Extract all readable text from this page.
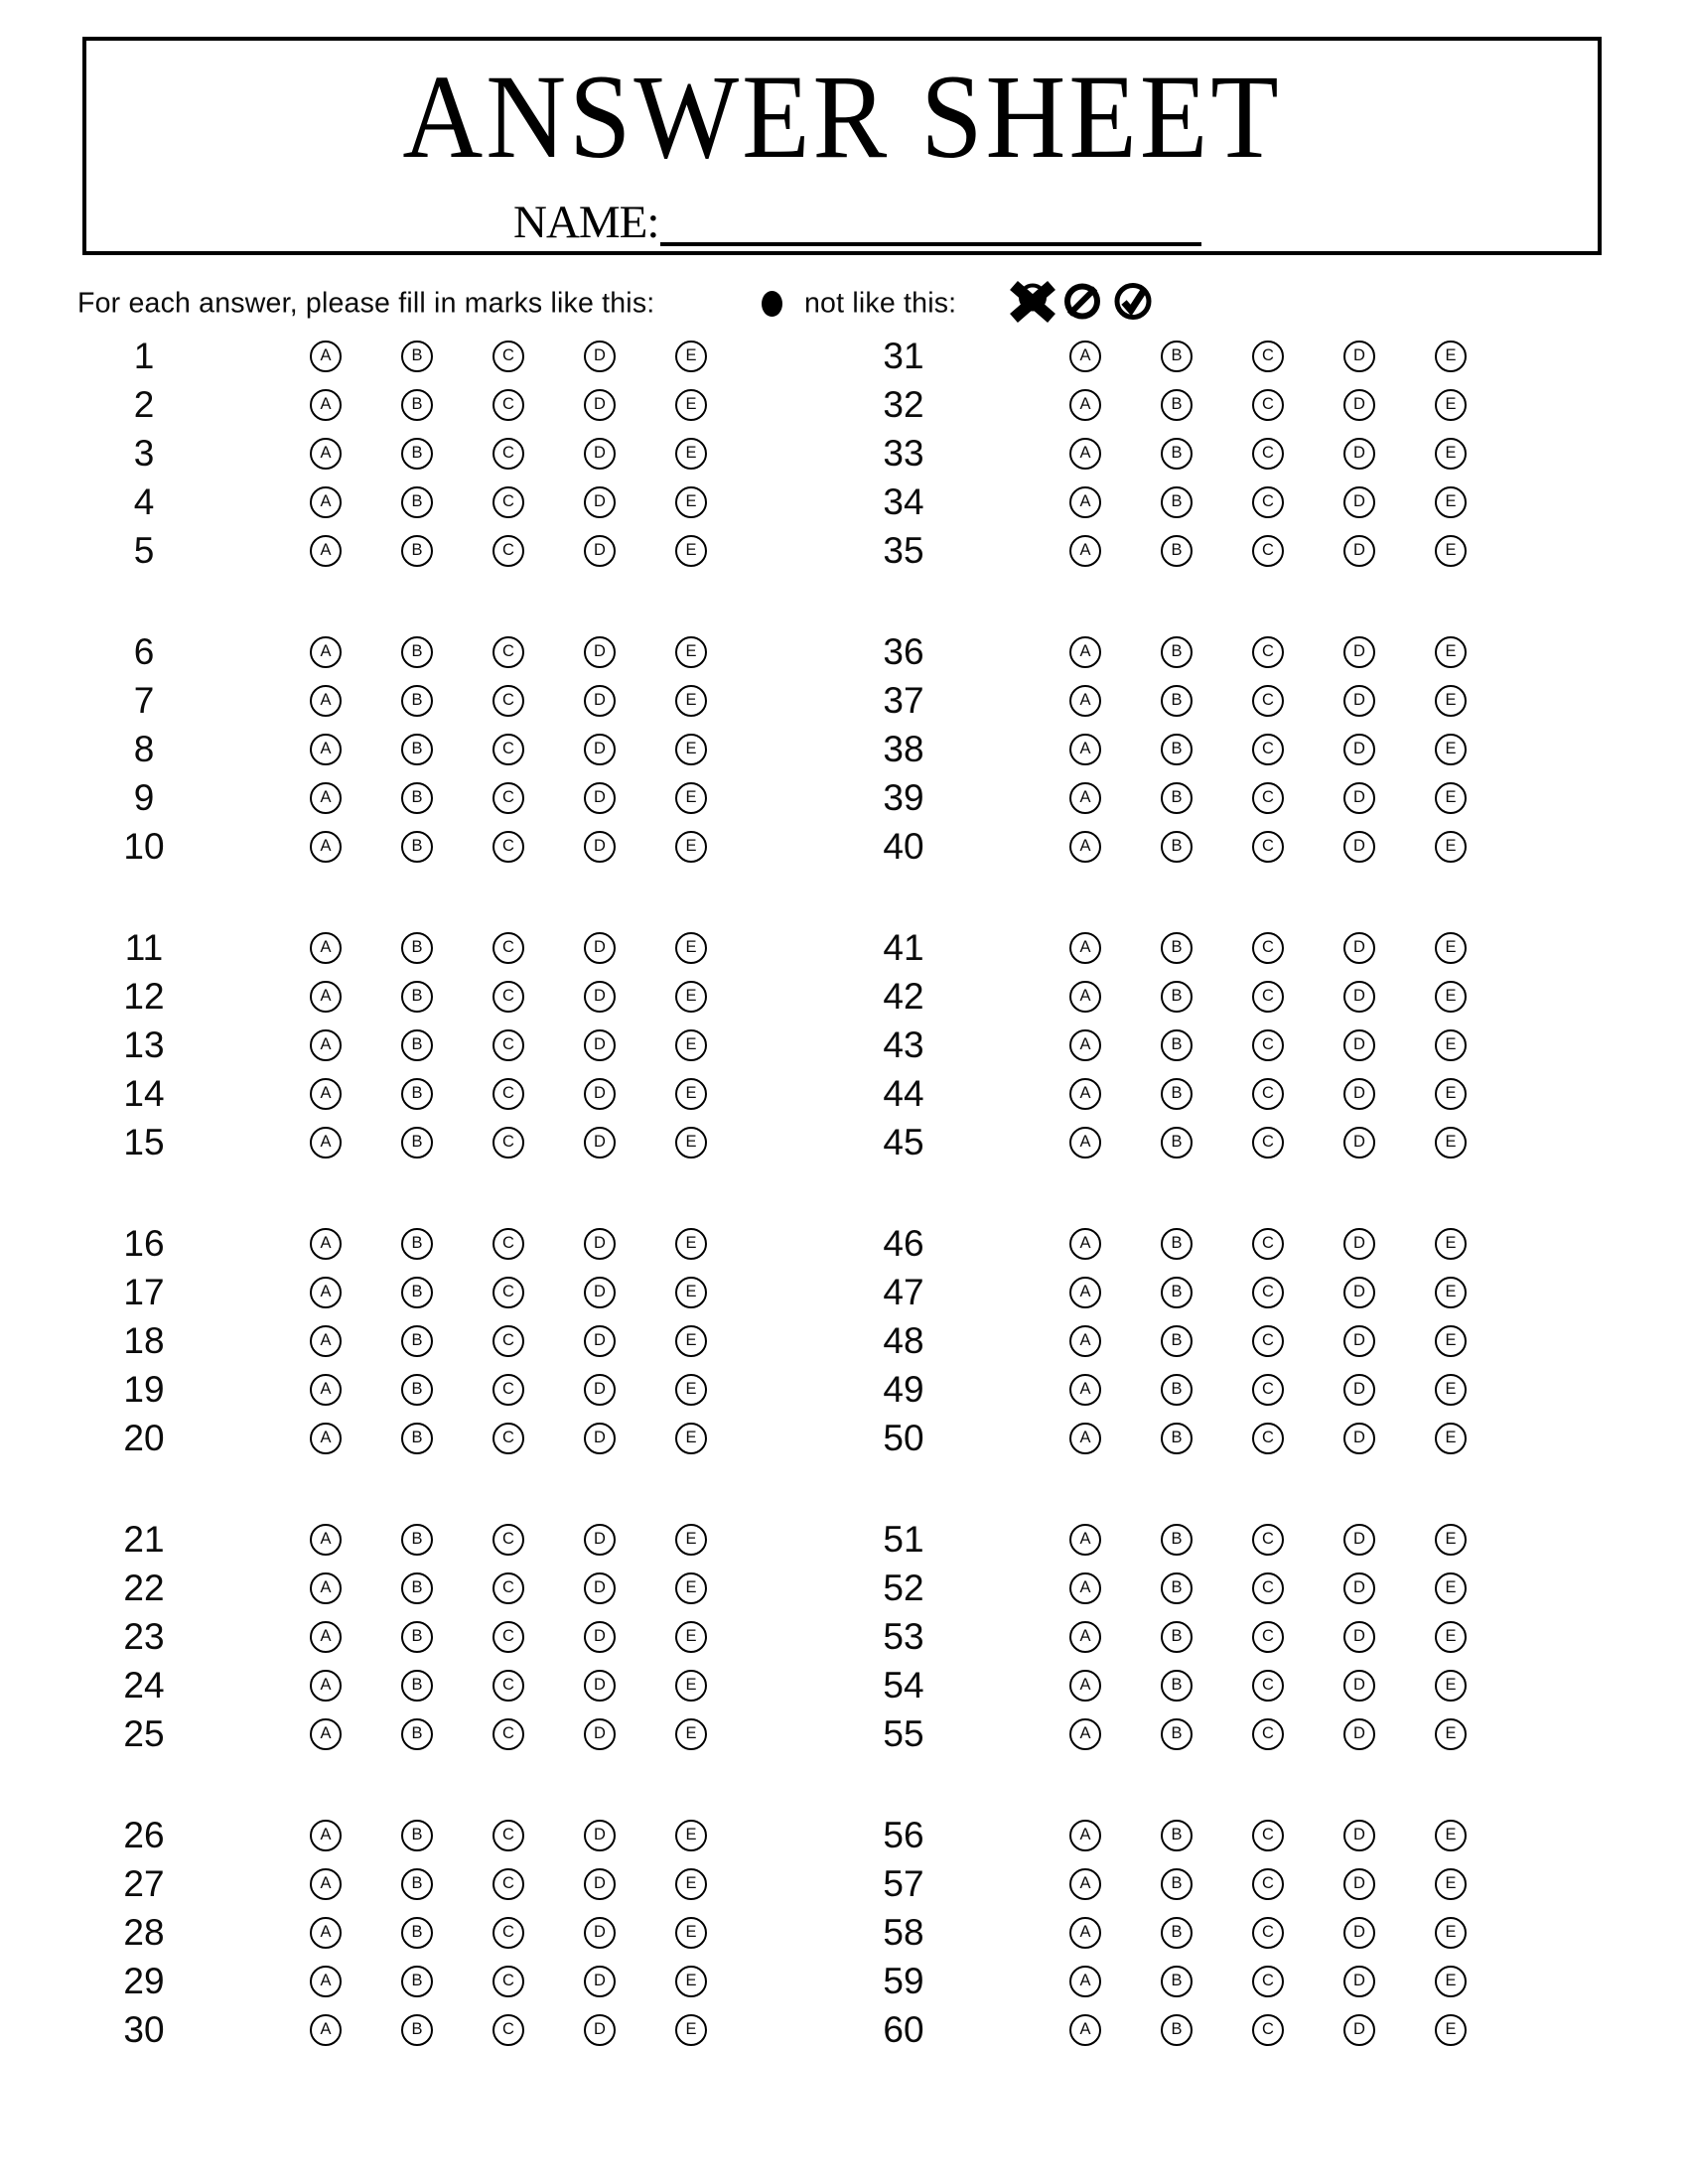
ANSWER SHEET
NAME:
For each answer, please fill in marks like this:	not like this:
1	A	B	C	D	E
2	A	B	C	D	E
3	A	B	C	D	E
4	A	B	C	D	E
5	A	B	C	D	E
6	A	B	C	D	E
7	A	B	C	D	E
8	A	B	C	D	E
9	A	B	C	D	E
10	A	B	C	D	E
11	A	B	C	D	E
12	A	B	C	D	E
13	A	B	C	D	E
14	A	B	C	D	E
15	A	B	C	D	E
16	A	B	C	D	E
17	A	B	C	D	E
18	A	B	C	D	E
19	A	B	C	D	E
20	A	B	C	D	E
21	A	B	C	D	E
22	A	B	C	D	E
23	A	B	C	D	E
24	A	B	C	D	E
25	A	B	C	D	E
26	A	B	C	D	E
27	A	B	C	D	E
28	A	B	C	D	E
29	A	B	C	D	E
30	A	B	C	D	E
31	A	B	C	D	E
32	A	B	C	D	E
33	A	B	C	D	E
34	A	B	C	D	E
35	A	B	C	D	E
36	A	B	C	D	E
37	A	B	C	D	E
38	A	B	C	D	E
39	A	B	C	D	E
40	A	B	C	D	E
41	A	B	C	D	E
42	A	B	C	D	E
43	A	B	C	D	E
44	A	B	C	D	E
45	A	B	C	D	E
46	A	B	C	D	E
47	A	B	C	D	E
48	A	B	C	D	E
49	A	B	C	D	E
50	A	B	C	D	E
51	A	B	C	D	E
52	A	B	C	D	E
53	A	B	C	D	E
54	A	B	C	D	E
55	A	B	C	D	E
56	A	B	C	D	E
57	A	B	C	D	E
58	A	B	C	D	E
59	A	B	C	D	E
60	A	B	C	D	E
